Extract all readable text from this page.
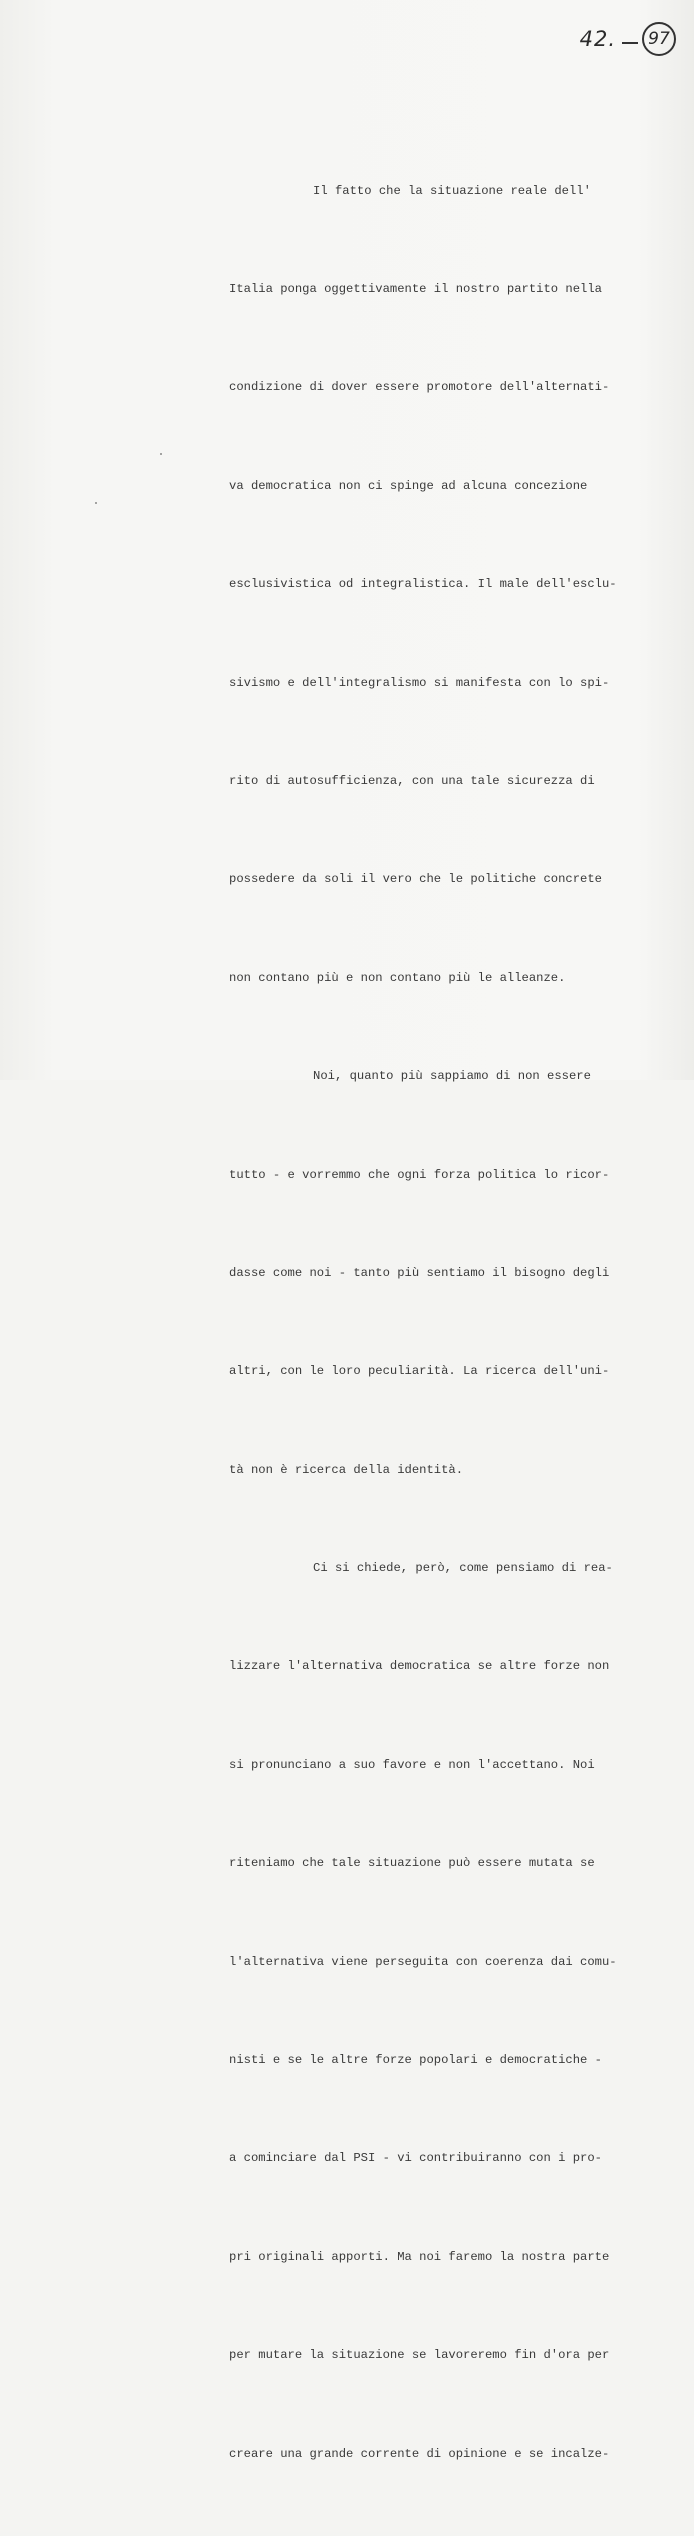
42. 97

Il fatto che la situazione reale dell'

Italia ponga oggettivamente il nostro partito nella

condizione di dover essere promotore dell'alternati-

va democratica non ci spinge ad alcuna concezione

esclusivistica od integralistica. Il male dell'esclu-

sivismo e dell'integralismo si manifesta con lo spi-

rito di autosufficienza, con una tale sicurezza di

possedere da soli il vero che le politiche concrete

non contano più e non contano più le alleanze.

Noi, quanto più sappiamo di non essere

tutto - e vorremmo che ogni forza politica lo ricor-

dasse come noi - tanto più sentiamo il bisogno degli

altri, con le loro peculiarità. La ricerca dell'uni-

tà non è ricerca della identità.

Ci si chiede, però, come pensiamo di rea-

lizzare l'alternativa democratica se altre forze non

si pronunciano a suo favore e non l'accettano. Noi

riteniamo che tale situazione può essere mutata se

l'alternativa viene perseguita con coerenza dai comu-

nisti e se le altre forze popolari e democratiche -

a cominciare dal PSI - vi contribuiranno con i pro-

pri originali apporti. Ma noi faremo la nostra parte

per mutare la situazione se lavoreremo fin d'ora per

creare una grande corrente di opinione e se incalze-
